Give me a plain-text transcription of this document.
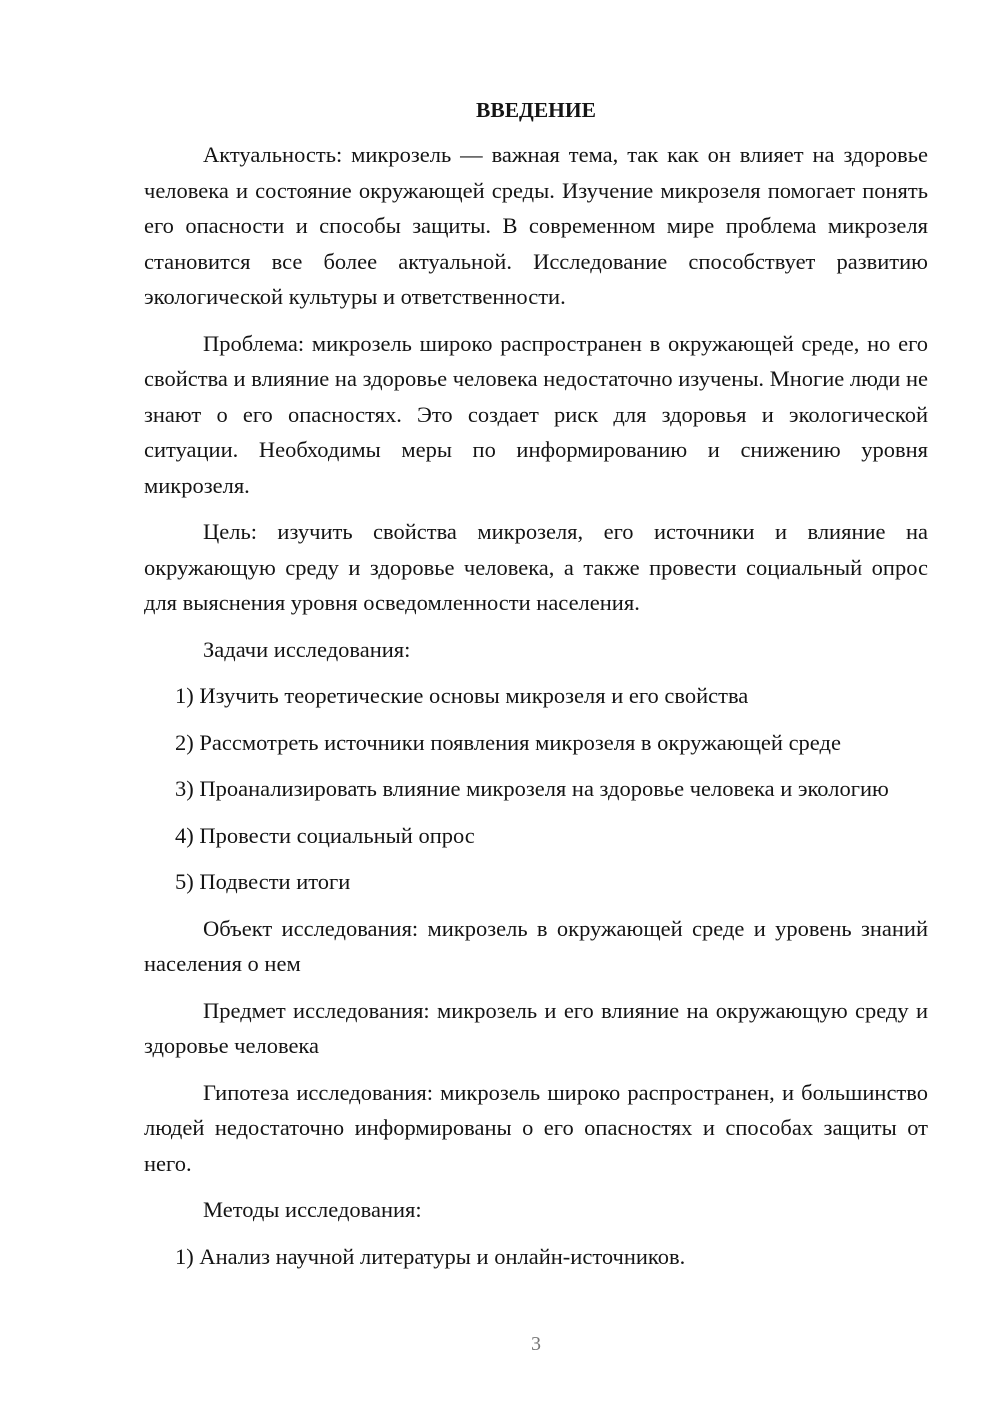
ВВЕДЕНИЕ

Актуальность: микрозель — важная тема, так как он влияет на здоровье человека и состояние окружающей среды. Изучение микрозеля помогает понять его опасности и способы защиты. В современном мире проблема микрозеля становится все более актуальной. Исследование способствует развитию экологической культуры и ответственности.

Проблема: микрозель широко распространен в окружающей среде, но его свойства и влияние на здоровье человека недостаточно изучены. Многие люди не знают о его опасностях. Это создает риск для здоровья и экологической ситуации. Необходимы меры по информированию и снижению уровня микрозеля.

Цель: изучить свойства микрозеля, его источники и влияние на окружающую среду и здоровье человека, а также провести социальный опрос для выяснения уровня осведомленности населения.

Задачи исследования:

1) Изучить теоретические основы микрозеля и его свойства

2) Рассмотреть источники появления микрозеля в окружающей среде

3) Проанализировать влияние микрозеля на здоровье человека и экологию

4) Провести социальный опрос

5) Подвести итоги

Объект исследования: микрозель в окружающей среде и уровень знаний населения о нем

Предмет исследования: микрозель и его влияние на окружающую среду и здоровье человека

Гипотеза исследования: микрозель широко распространен, и большинство людей недостаточно информированы о его опасностях и способах защиты от него.

Методы исследования:

1) Анализ научной литературы и онлайн-источников.

3
